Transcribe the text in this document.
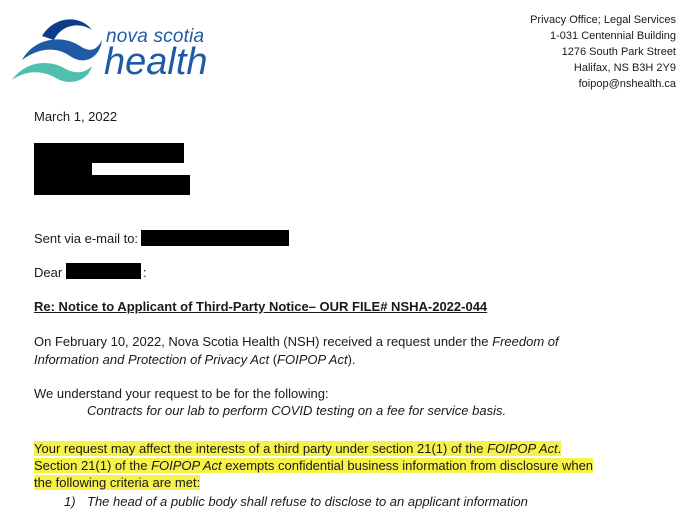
nova scotia
health
Privacy Office; Legal Services
1-031 Centennial Building
1276 South Park Street
Halifax, NS B3H 2Y9
foipop@nshealth.ca
March 1, 2022
Sent via e-mail to:
Dear	:
Re: Notice to Applicant of Third-Party Notice– OUR FILE# NSHA-2022-044
On February 10, 2022, Nova Scotia Health (NSH) received a request under the Freedom of Information and Protection of Privacy Act (FOIPOP Act).
We understand your request to be for the following:
Contracts for our lab to perform COVID testing on a fee for service basis.
Your request may affect the interests of a third party under section 21(1) of the FOIPOP Act.
Section 21(1) of the FOIPOP Act exempts confidential business information from disclosure when
the following criteria are met:
1) The head of a public body shall refuse to disclose to an applicant information
